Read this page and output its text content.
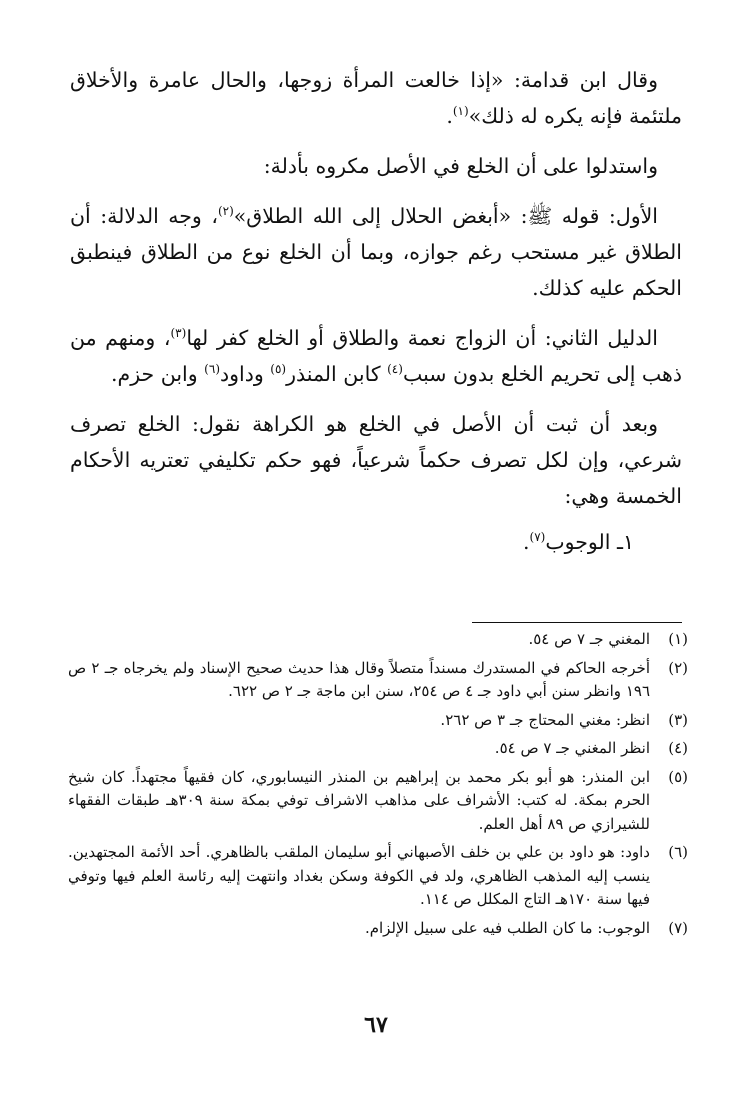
وقال ابن قدامة: «إذا خالعت المرأة زوجها، والحال عامرة والأخلاق ملتئمة فإنه يكره له ذلك»$^{(١)}$.

واستدلوا على أن الخلع في الأصل مكروه بأدلة:

الأول: قوله ﷺ: «أبغض الحلال إلى الله الطلاق»$^{(٢)}$، وجه الدلالة: أن الطلاق غير مستحب رغم جوازه، وبما أن الخلع نوع من الطلاق فينطبق الحكم عليه كذلك.

الدليل الثاني: أن الزواج نعمة والطلاق أو الخلع كفر لها$^{(٣)}$، ومنهم من ذهب إلى تحريم الخلع بدون سبب$^{(٤)}$ كابن المنذر$^{(٥)}$ وداود$^{(٦)}$ وابن حزم.

وبعد أن ثبت أن الأصل في الخلع هو الكراهة نقول: الخلع تصرف شرعي، وإن لكل تصرف حكماً شرعياً، فهو حكم تكليفي تعتريه الأحكام الخمسة وهي:

١ـ الوجوب$^{(٧)}$.

(١)
المغني جـ ٧ ص ٥٤.
(٢)
أخرجه الحاكم في المستدرك مسنداً متصلاً وقال هذا حديث صحيح الإسناد ولم يخرجاه جـ ٢ ص ١٩٦ وانظر سنن أبي داود جـ ٤ ص ٢٥٤، سنن ابن ماجة جـ ٢ ص ٦٢٢.
(٣)
انظر: مغني المحتاج جـ ٣ ص ٢٦٢.
(٤)
انظر المغني جـ ٧ ص ٥٤.
(٥)
ابن المنذر: هو أبو بكر محمد بن إبراهيم بن المنذر النيسابوري، كان فقيهاً مجتهداً. كان شيخ الحرم بمكة. له كتب: الأشراف على مذاهب الاشراف توفي بمكة سنة ٣٠٩هـ طبقات الفقهاء للشيرازي ص ٨٩ أهل العلم.
(٦)
داود: هو داود بن علي بن خلف الأصبهاني أبو سليمان الملقب بالظاهري. أحد الأئمة المجتهدين. ينسب إليه المذهب الظاهري، ولد في الكوفة وسكن بغداد وانتهت إليه رئاسة العلم فيها وتوفي فيها سنة ١٧٠هـ التاج المكلل ص ١١٤.
(٧)
الوجوب: ما كان الطلب فيه على سبيل الإلزام.
٦٧
